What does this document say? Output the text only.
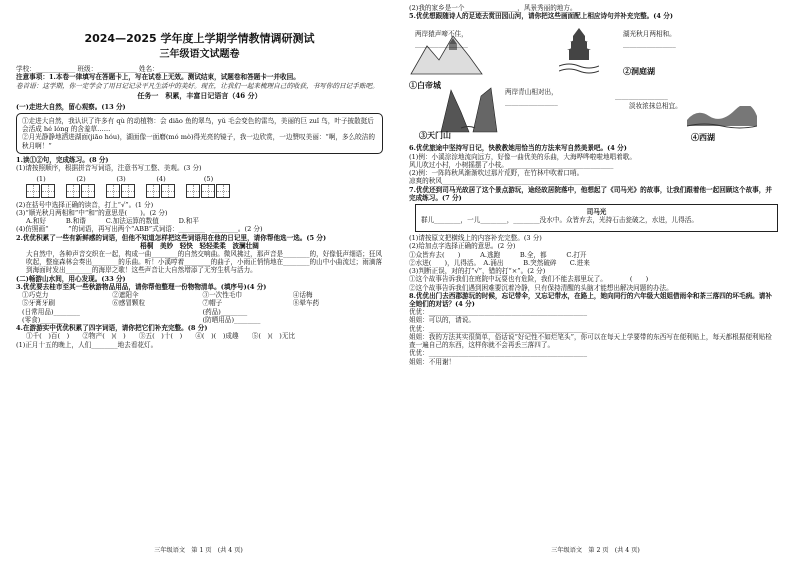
2024—2025 学年度上学期学情教情调研测试
三年级语文试题卷
学校：____________ 班级：____________ 姓名：____________
注意事项：1.本卷一律填写在答题卡上，写在试卷上无效。测试结束，试题卷和答题卡一并收回。
卷首语：这学期，你一定学会了用日记记录平凡生活中的美好。现在，让我们一起来梳理自己的收获，书写你的日记手账吧。
任务一　积累，丰富日记语言（46 分）
(一)走进大自然，留心观察。(13 分)
①走进大自然，我认识了许多有 qù 的动植物：会 diāo 鱼的翠鸟，yǔ 毛会变色的雷鸟，美丽的巨 zuǐ 鸟，叶子披散挺后会活成 hé lóng 的含羞草……
②月光静静地洒进湖面(jiāo hóu)，湖面像一面磨(mó mò)得光亮的镜子，我一边欣赏，一边赞叹美丽：“啊，多么皎洁的秋月啊！”
1.读①②句，完成练习。(8 分)
(1)请按照顺序，根据拼音写词语，注意书写工整、美观。(3 分)
(1)	(2)	(3)	(4)	(5)
(2)在括号中选择正确的读音，打上“√”。(1 分)
(3)“顺光秋月两相和”中“和”的意思是(　　)。(2 分)
A.和好　　　B.和谐　　　C.加法运算的数值　　　D.和平
(4)仿照画“　　　”的词语，再写出两个“ABB”式词语：________　________。(2 分)
2.优优积累了一些有新鲜感的词语，但他不知道怎样把这些词语用在他的日记里，请你帮他选一选。(5 分)
梧桐　美妙　轻快　轻轻柔柔　波澜壮阔
大自然中，各种声音交织在一起，构成一曲________的自然交响曲。微风拂过，那声音是________的，好像低声细语；狂风吹起，整座森林会奏出________的乐曲。听！小溪哼着________的曲子，小雨正悄悄地在________的山中小曲流过；雨滴落到海面时发出________的海岸之歌！这些声音让大自然增添了无穷生机与活力。
(二)畅游山水间，用心发现。(33 分)
3.优优要去桂市至其一些秋游物品用品，请你帮他整理一份物物清单。(填序号)(4 分)
①巧克力	②遮阳伞	③一次性毛巾	④话梅
⑤牙膏牙刷	⑥感冒颗粒	⑦帽子	⑧晕车药
(日常用品)________	(药品)________
(零食)________	(防晒用品)________
4.在游游实中优优积累了四字词语，请你把它们补充完整。(8 分)
①千(　)百(　)　　②物产(　)(　)　　③五(　)十(　)　　④(　)(　)成趣　　⑤(　)(　)无比
(1)正月十五的晚上，人们________地去看花灯。
三年级语文　第 1 页　(共 4 页)
(2)我的家乡是一个________________，风景秀丽的地方。
5.优优想跟随诗人的足迹去赏田园山河，请你把这些画面配上相应诗句并补充完整。(4 分)
两岸猿声啼不住，
________________
①白帝城
湖光秋月两相和。
________________
②洞庭湖
两岸青山相对出，
________________
③天门山
________________
淡妆浓抹总相宜。
④西湖
6.优优旅途中坚持写日记，快教教她用恰当的方法来写自然美景吧。(4 分)
(1)例：小溪淙淙地流向远方，好像一曲优美的乐曲，大海哗哗啦啦地唱着歌。
风儿吹过小村，小树摇摆了小枝。________________________________
(2)例：一阵阵秋风渐渐吹过那片荒野，在竹林中吹着口哨。
凉爽的秋风________________________________________________
7.优优还到司马光故居了这个景点游玩，途经故居院落中，他想起了《司马光》的故事，让我们跟着他一起回顾这个故事，并完成练习。(7 分)
司马光
群儿________，一儿________，________没水中。众皆弃去，光持石击瓮破之，水迸，儿得活。
(1)请按原文把横线上的内容补充完整。(3 分)
(2)给加点字选择正确的意思。(2 分)
①众皆弃去(　　)　　　A.逃跑　　　B.全，都　　　C.打开
②水迸(　　)，儿得活。　A.涌出　　　B.突然破碎　　C.进来
(3)判断正误，对的打“√”，错的打“×”。(2 分)
①这个故事告诉我们在庭院中玩耍也有危险，我们不能去那里玩了。　　　　(　　)
②这个故事告诉我们遇到困难要沉着冷静，只有保持清醒的头脑才能想出解决问题的办法。
8.优优出门去西郡游玩的时候，忘记带伞，又忘记带水，在路上，她向同行的六年级大姐姐借雨伞和茶三落四的坏毛病。请补全她们的对话？(4 分)
优优：________________________________________________
姐姐：可以的，请说。
优优：________________________________________________
姐姐：我的方法其实很简单，俗话说“好记性不如烂笔头”，你可以在每天上学要带的东西写在便利贴上，每天都根据便利贴检查一遍自己的东西，这样你就不会再丢三落四了。
优优：________________________________________________
姐姐：不用谢！
三年级语文　第 2 页　(共 4 页)
